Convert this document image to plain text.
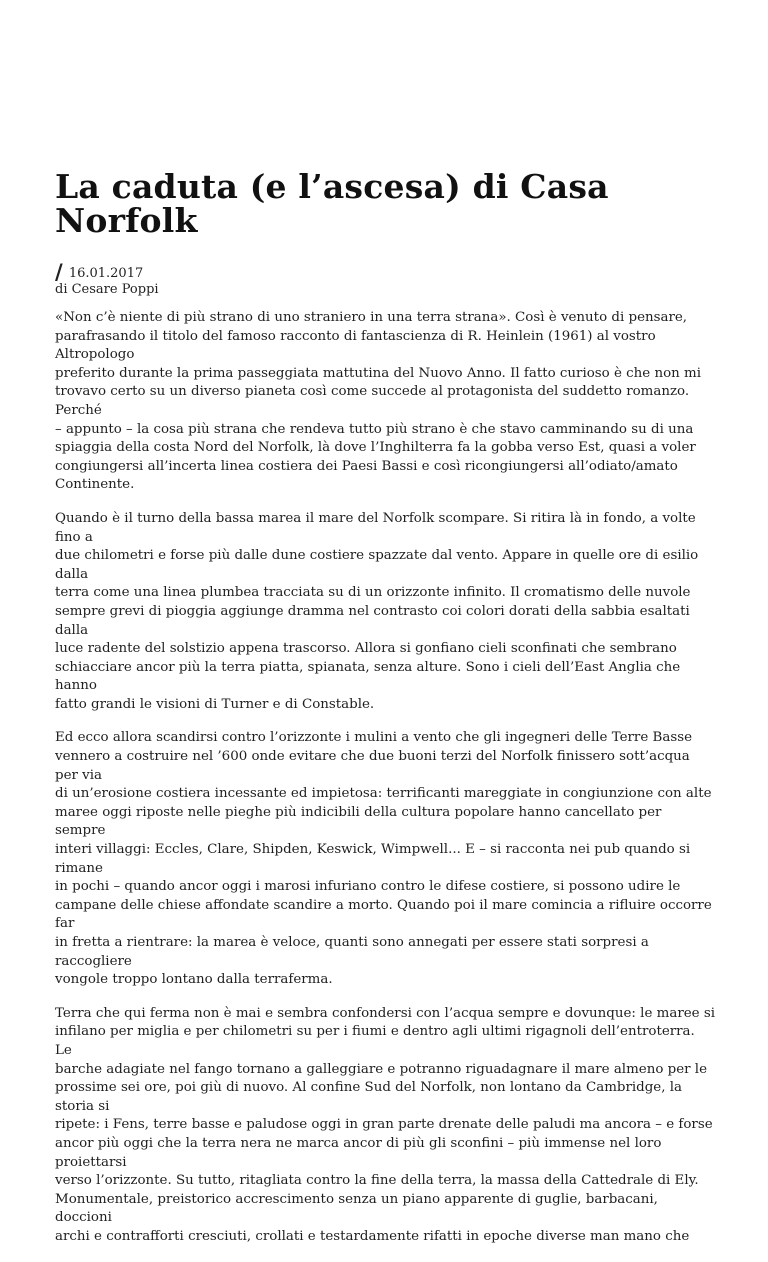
La caduta (e l’ascesa) di Casa Norfolk
/ 16.01.2017
di Cesare Poppi

«Non c’è niente di più strano di uno straniero in una terra strana». Così è venuto di pensare,
parafrasando il titolo del famoso racconto di fantascienza di R. Heinlein (1961) al vostro Altropologo
preferito durante la prima passeggiata mattutina del Nuovo Anno. Il fatto curioso è che non mi
trovavo certo su un diverso pianeta così come succede al protagonista del suddetto romanzo. Perché
– appunto – la cosa più strana che rendeva tutto più strano è che stavo camminando su di una
spiaggia della costa Nord del Norfolk, là dove l’Inghilterra fa la gobba verso Est, quasi a voler
congiungersi all’incerta linea costiera dei Paesi Bassi e così ricongiungersi all’odiato/amato
Continente.

Quando è il turno della bassa marea il mare del Norfolk scompare. Si ritira là in fondo, a volte fino a
due chilometri e forse più dalle dune costiere spazzate dal vento. Appare in quelle ore di esilio dalla
terra come una linea plumbea tracciata su di un orizzonte infinito. Il cromatismo delle nuvole
sempre grevi di pioggia aggiunge dramma nel contrasto coi colori dorati della sabbia esaltati dalla
luce radente del solstizio appena trascorso. Allora si gonfiano cieli sconfinati che sembrano
schiacciare ancor più la terra piatta, spianata, senza alture. Sono i cieli dell’East Anglia che hanno
fatto grandi le visioni di Turner e di Constable.

Ed ecco allora scandirsi contro l’orizzonte i mulini a vento che gli ingegneri delle Terre Basse
vennero a costruire nel ’600 onde evitare che due buoni terzi del Norfolk finissero sott’acqua per via
di un’erosione costiera incessante ed impietosa: terrificanti mareggiate in congiunzione con alte
maree oggi riposte nelle pieghe più indicibili della cultura popolare hanno cancellato per sempre
interi villaggi: Eccles, Clare, Shipden, Keswick, Wimpwell... E – si racconta nei pub quando si rimane
in pochi – quando ancor oggi i marosi infuriano contro le difese costiere, si possono udire le
campane delle chiese affondate scandire a morto. Quando poi il mare comincia a rifluire occorre far
in fretta a rientrare: la marea è veloce, quanti sono annegati per essere stati sorpresi a raccogliere
vongole troppo lontano dalla terraferma.

Terra che qui ferma non è mai e sembra confondersi con l’acqua sempre e dovunque: le maree si
infilano per miglia e per chilometri su per i fiumi e dentro agli ultimi rigagnoli dell’entroterra. Le
barche adagiate nel fango tornano a galleggiare e potranno riguadagnare il mare almeno per le
prossime sei ore, poi giù di nuovo. Al confine Sud del Norfolk, non lontano da Cambridge, la storia si
ripete: i Fens, terre basse e paludose oggi in gran parte drenate delle paludi ma ancora – e forse
ancor più oggi che la terra nera ne marca ancor di più gli sconfini – più immense nel loro proiettarsi
verso l’orizzonte. Su tutto, ritagliata contro la fine della terra, la massa della Cattedrale di Ely.
Monumentale, preistorico accrescimento senza un piano apparente di guglie, barbacani, doccioni
archi e contrafforti cresciuti, crollati e testardamente rifatti in epoche diverse man mano che
